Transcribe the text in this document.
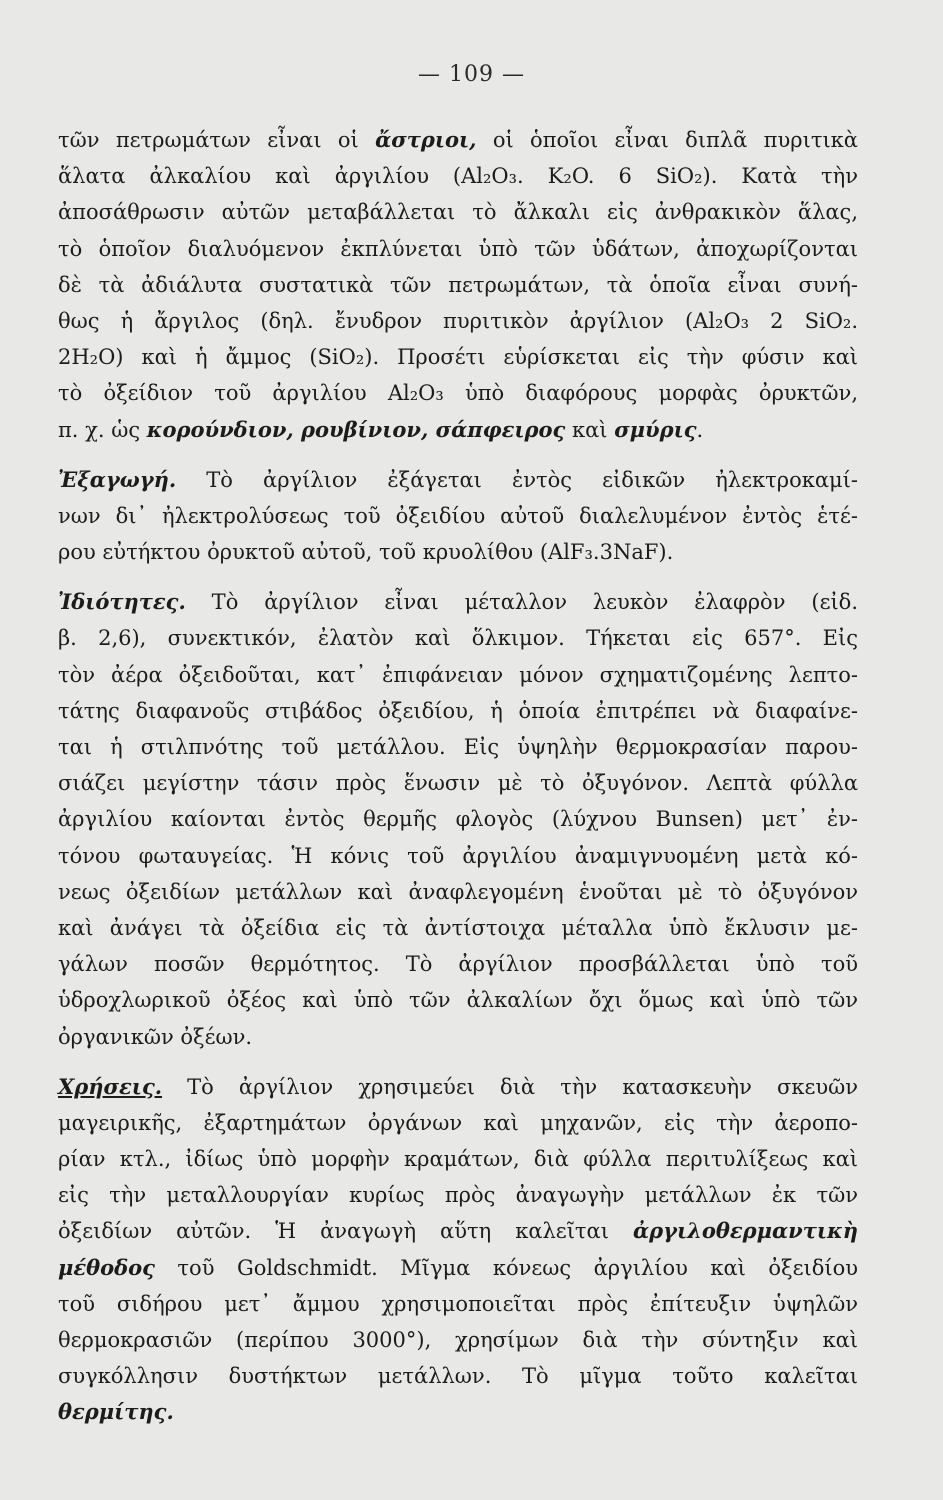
— 109 —
τῶν πετρωμάτων εἶναι οἱ ἄστριοι, οἱ ὁποῖοι εἶναι διπλᾶ πυριτικὰ
ἅλατα ἀλκαλίου καὶ ἀργιλίου (Al₂O₃. K₂O. 6 SiO₂). Κατὰ τὴν
ἀποσάθρωσιν αὐτῶν μεταβάλλεται τὸ ἄλκαλι εἰς ἀνθρακικὸν ἅλας,
τὸ ὁποῖον διαλυόμενον ἐκπλύνεται ὑπὸ τῶν ὑδάτων, ἀποχωρίζονται
δὲ τὰ ἀδιάλυτα συστατικὰ τῶν πετρωμάτων, τὰ ὁποῖα εἶναι συνή-
θως ἡ ἄργιλος (δηλ. ἔνυδρον πυριτικὸν ἀργίλιον (Al₂O₃ 2 SiO₂.
2H₂O) καὶ ἡ ἄμμος (SiO₂). Προσέτι εὑρίσκεται εἰς τὴν φύσιν καὶ
τὸ ὀξείδιον τοῦ ἀργιλίου Al₂O₃ ὑπὸ διαφόρους μορφὰς ὀρυκτῶν,
π. χ. ὡς κορούνδιον, ρουβίνιον, σάπφειρος καὶ σμύρις.
Ἐξαγωγή. Τὸ ἀργίλιον ἐξάγεται ἐντὸς εἰδικῶν ἠλεκτροκαμί-
νων δι᾿ ἠλεκτρολύσεως τοῦ ὀξειδίου αὐτοῦ διαλελυμένον ἐντὸς ἑτέ-
ρου εὐτήκτου ὀρυκτοῦ αὐτοῦ, τοῦ κρυολίθου (AlF₃.3NaF).
Ἰδιότητες. Τὸ ἀργίλιον εἶναι μέταλλον λευκὸν ἐλαφρὸν (εἰδ.
β. 2,6), συνεκτικόν, ἐλατὸν καὶ ὅλκιμον. Τήκεται εἰς 657°. Εἰς
τὸν ἀέρα ὀξειδοῦται, κατ᾿ ἐπιφάνειαν μόνον σχηματιζομένης λεπτο-
τάτης διαφανοῦς στιβάδος ὀξειδίου, ἡ ὁποία ἐπιτρέπει νὰ διαφαίνε-
ται ἡ στιλπνότης τοῦ μετάλλου. Εἰς ὑψηλὴν θερμοκρασίαν παρου-
σιάζει μεγίστην τάσιν πρὸς ἕνωσιν μὲ τὸ ὀξυγόνον. Λεπτὰ φύλλα
ἀργιλίου καίονται ἐντὸς θερμῆς φλογὸς (λύχνου Bunsen) μετ᾿ ἐν-
τόνου φωταυγείας. Ἡ κόνις τοῦ ἀργιλίου ἀναμιγνυομένη μετὰ κό-
νεως ὀξειδίων μετάλλων καὶ ἀναφλεγομένη ἑνοῦται μὲ τὸ ὀξυγόνον
καὶ ἀνάγει τὰ ὀξείδια εἰς τὰ ἀντίστοιχα μέταλλα ὑπὸ ἔκλυσιν με-
γάλων ποσῶν θερμότητος. Τὸ ἀργίλιον προσβάλλεται ὑπὸ τοῦ
ὑδροχλωρικοῦ ὀξέος καὶ ὑπὸ τῶν ἀλκαλίων ὄχι ὅμως καὶ ὑπὸ τῶν
ὀργανικῶν ὀξέων.
Χρήσεις. Τὸ ἀργίλιον χρησιμεύει διὰ τὴν κατασκευὴν σκευῶν
μαγειρικῆς, ἐξαρτημάτων ὀργάνων καὶ μηχανῶν, εἰς τὴν ἀεροπο-
ρίαν κτλ., ἰδίως ὑπὸ μορφὴν κραμάτων, διὰ φύλλα περιτυλίξεως καὶ
εἰς τὴν μεταλλουργίαν κυρίως πρὸς ἀναγωγὴν μετάλλων ἐκ τῶν
ὀξειδίων αὐτῶν. Ἡ ἀναγωγὴ αὕτη καλεῖται ἀργιλοθερμαντικὴ
μέθοδος τοῦ Goldschmidt. Μῖγμα κόνεως ἀργιλίου καὶ ὀξειδίου
τοῦ σιδήρου μετ᾿ ἄμμου χρησιμοποιεῖται πρὸς ἐπίτευξιν ὑψηλῶν
θερμοκρασιῶν (περίπου 3000°), χρησίμων διὰ τὴν σύντηξιν καὶ
συγκόλλησιν δυστήκτων μετάλλων. Τὸ μῖγμα τοῦτο καλεῖται
θερμίτης.
